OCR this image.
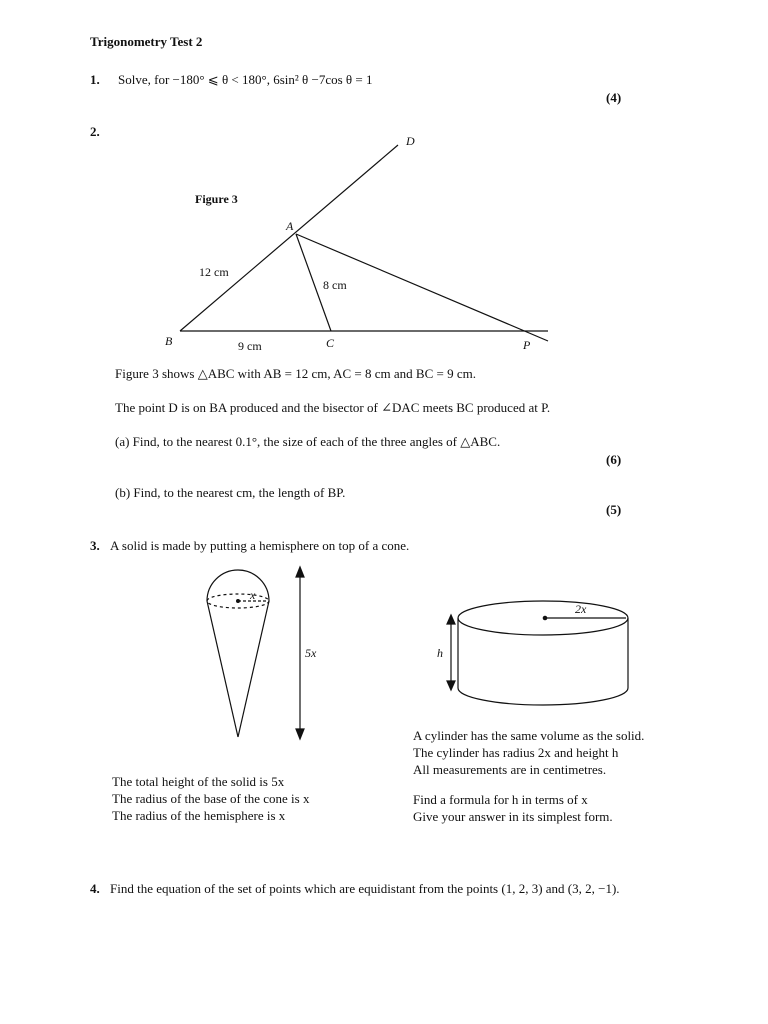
Trigonometry Test 2
1. Solve, for −180° ⩽ θ < 180°, 6sin² θ −7cos θ = 1
(4)
2.
Figure 3
D
A
B	C	P
12 cm
8 cm
9 cm
Figure 3 shows △ABC with AB = 12 cm, AC = 8 cm and BC = 9 cm.
The point D is on BA produced and the bisector of ∠DAC meets BC produced at P.
(a) Find, to the nearest 0.1°, the size of each of the three angles of △ABC.
(6)
(b) Find, to the nearest cm, the length of BP.
(5)
3. A solid is made by putting a hemisphere on top of a cone.
x
5x
2x
h
A cylinder has the same volume as the solid.
The cylinder has radius 2x and height h
All measurements are in centimetres.
The total height of the solid is 5x
The radius of the base of the cone is x
The radius of the hemisphere is x
Find a formula for h in terms of x
Give your answer in its simplest form.
4. Find the equation of the set of points which are equidistant from the points (1, 2, 3) and (3, 2, −1).
